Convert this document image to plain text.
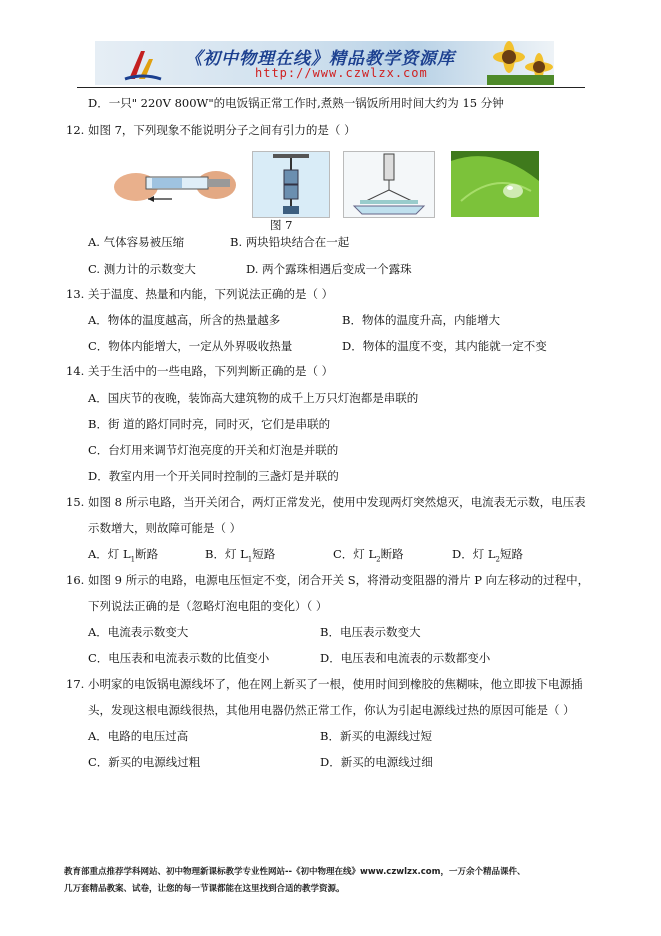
《初中物理在线》精品教学资源库
http://www.czwlzx.com
D．一只" 220V 800W"的电饭锅正常工作时,煮熟一锅饭所用时间大约为 15 分钟
12. 如图 7，下列现象不能说明分子之间有引力的是（ ）
图 7
A. 气体容易被压缩	B. 两块铅块结合在一起
C. 测力计的示数变大	D. 两个露珠相遇后变成一个露珠
13. 关于温度、热量和内能，下列说法正确的是（ ）
A．物体的温度越高，所含的热量越多	B．物体的温度升高，内能增大
C．物体内能增大，一定从外界吸收热量	D．物体的温度不变，其内能就一定不变
14. 关于生活中的一些电路，下列判断正确的是（ ）
A．国庆节的夜晚，装饰高大建筑物的成千上万只灯泡都是串联的
B．街 道的路灯同时亮，同时灭，它们是串联的
C．台灯用来调节灯泡亮度的开关和灯泡是并联的
D．教室内用一个开关同时控制的三盏灯是并联的
15. 如图 8 所示电路，当开关闭合，两灯正常发光，使用中发现两灯突然熄灭，电流表无示数，电压表
示数增大，则故障可能是（ ）
A．灯 $L_1$断路	B．灯 $L_1$短路	C．灯 $L_2$断路	D．灯 $L_2$短路
16. 如图 9 所示的电路，电源电压恒定不变，闭合开关 S，将滑动变阻器的滑片 P 向左移动的过程中，
下列说法正确的是（忽略灯泡电阻的变化）（ ）
A．电流表示数变大	B．电压表示数变大
C．电压表和电流表示数的比值变小	D．电压表和电流表的示数都变小
17. 小明家的电饭锅电源线坏了，他在网上新买了一根，使用时间到橡胶的焦糊味，他立即拔下电源插
头，发现这根电源线很热，其他用电器仍然正常工作，你认为引起电源线过热的原因可能是（ ）
A．电路的电压过高	B．新买的电源线过短
C．新买的电源线过粗	D．新买的电源线过细
教育部重点推荐学科网站、初中物理新课标教学专业性网站--《初中物理在线》www.czwlzx.com，一万余个精品课件、
几万套精品教案、试卷，让您的每一节课都能在这里找到合适的教学资源。
